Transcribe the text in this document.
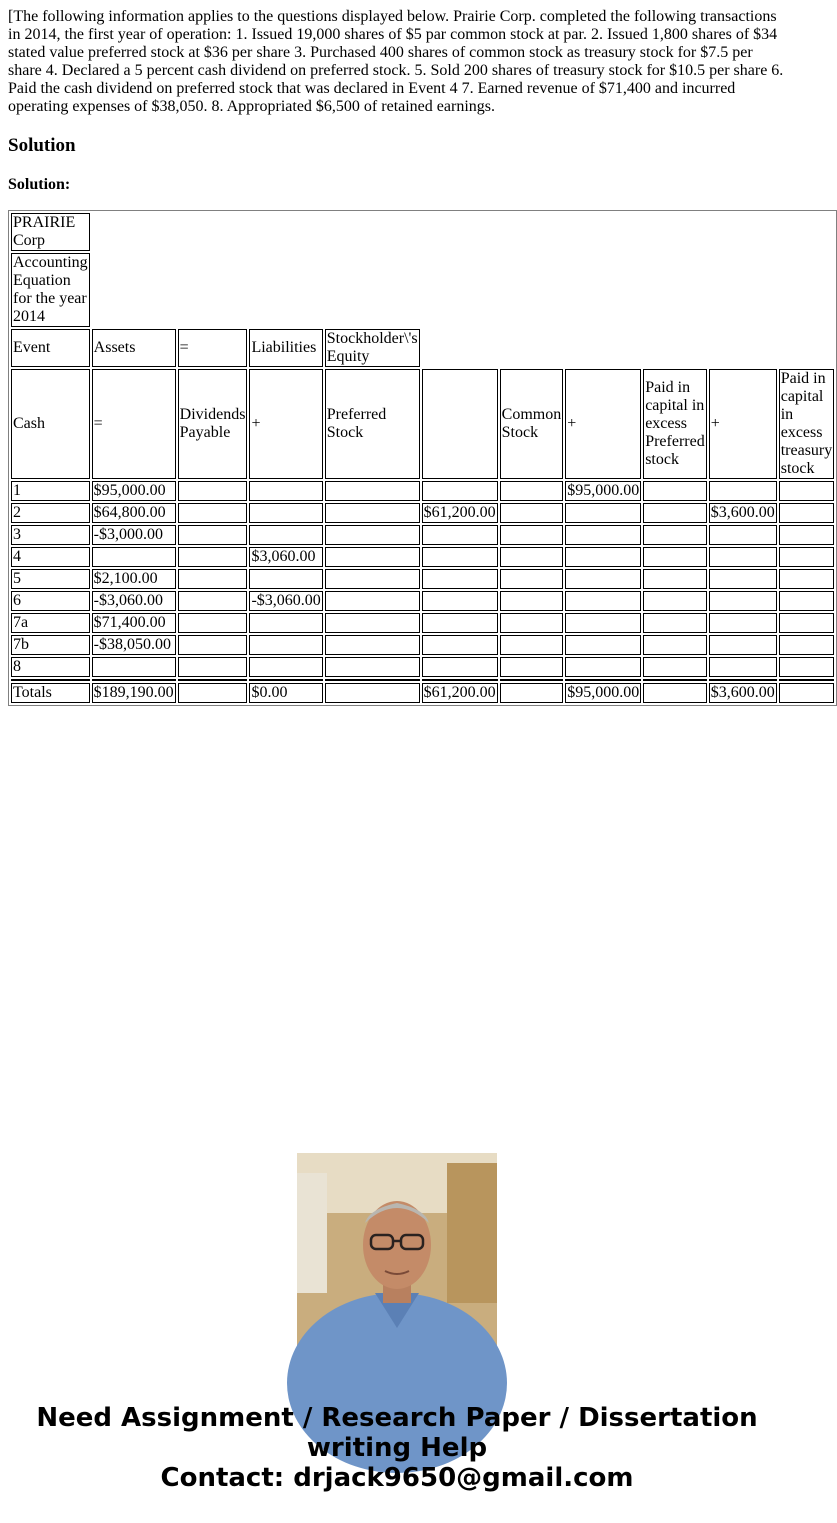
[The following information applies to the questions displayed below. Prairie Corp. completed the following transactions in 2014, the first year of operation: 1. Issued 19,000 shares of $5 par common stock at par. 2. Issued 1,800 shares of $34 stated value preferred stock at $36 per share 3. Purchased 400 shares of common stock as treasury stock for $7.5 per share 4. Declared a 5 percent cash dividend on preferred stock. 5. Sold 200 shares of treasury stock for $10.5 per share 6. Paid the cash dividend on preferred stock that was declared in Event 4 7. Earned revenue of $71,400 and incurred operating expenses of $38,050. 8. Appropriated $6,500 of retained earnings.

Solution

Solution:

PRAIRIE Corp										
Accounting Equation for the year 2014										
Event	Assets	=	Liabilities	Stockholder\'s Equity						
Cash	=	Dividends Payable	+	Preferred Stock		Common Stock	+	Paid in capital in excess Preferred stock	+	Paid in capital in excess treasury stock
1	$95,000.00						$95,000.00			
2	$64,800.00				$61,200.00				$3,600.00	
3	-$3,000.00									
4			$3,060.00							
5	$2,100.00									
6	-$3,060.00		-$3,060.00							
7a	$71,400.00									
7b	-$38,050.00									
8										

Totals	$189,190.00		$0.00		$61,200.00		$95,000.00		$3,600.00	
Need Assignment / Research Paper / Dissertation writing Help
Contact: drjack9650@gmail.com
